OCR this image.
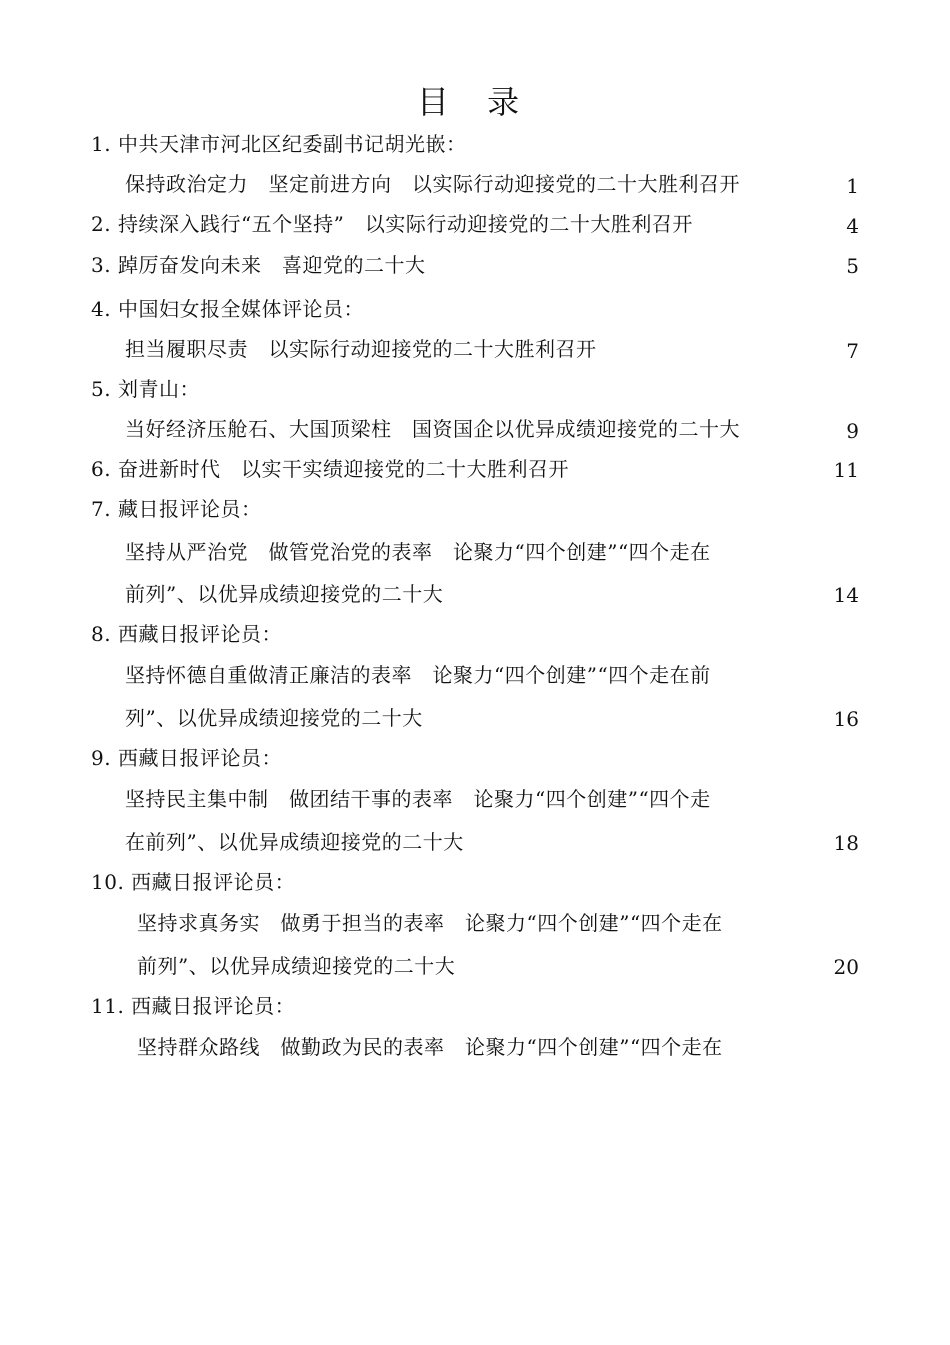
目 录
1. 中共天津市河北区纪委副书记胡光嵌：
保持政治定力　坚定前进方向　以实际行动迎接党的二十大胜利召开	1
2. 持续深入践行“五个坚持”　以实际行动迎接党的二十大胜利召开	4
3. 踔厉奋发向未来　喜迎党的二十大	5
4. 中国妇女报全媒体评论员：
担当履职尽责　以实际行动迎接党的二十大胜利召开	7
5. 刘青山：
当好经济压舱石、大国顶梁柱　国资国企以优异成绩迎接党的二十大	9
6. 奋进新时代　以实干实绩迎接党的二十大胜利召开	11
7. 藏日报评论员：
坚持从严治党　做管党治党的表率　论聚力“四个创建”“四个走在
前列”、以优异成绩迎接党的二十大	14
8. 西藏日报评论员：
坚持怀德自重做清正廉洁的表率　论聚力“四个创建”“四个走在前
列”、以优异成绩迎接党的二十大	16
9. 西藏日报评论员：
坚持民主集中制　做团结干事的表率　论聚力“四个创建”“四个走
在前列”、以优异成绩迎接党的二十大	18
10. 西藏日报评论员：
坚持求真务实　做勇于担当的表率　论聚力“四个创建”“四个走在
前列”、以优异成绩迎接党的二十大	20
11. 西藏日报评论员：
坚持群众路线　做勤政为民的表率　论聚力“四个创建”“四个走在
